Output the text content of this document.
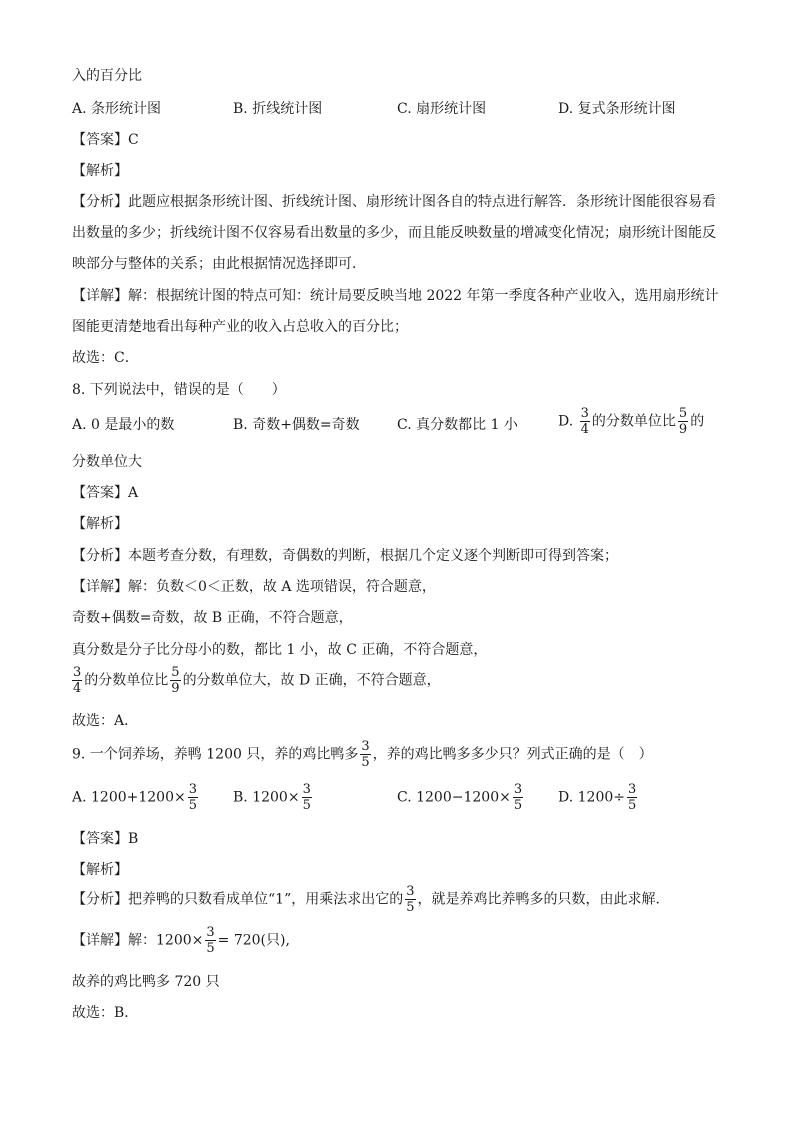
入的百分比
A. 条形统计图	B. 折线统计图	C. 扇形统计图	D. 复式条形统计图
【答案】C
【解析】
【分析】此题应根据条形统计图、折线统计图、扇形统计图各自的特点进行解答．条形统计图能很容易看
出数量的多少；折线统计图不仅容易看出数量的多少，而且能反映数量的增减变化情况；扇形统计图能反
映部分与整体的关系；由此根据情况选择即可．
【详解】解：根据统计图的特点可知：统计局要反映当地 2022 年第一季度各种产业收入，选用扇形统计
图能更清楚地看出每种产业的收入占总收入的百分比；
故选：C．
8. 下列说法中，错误的是（　　）
A. 0 是最小的数	B. 奇数+偶数=奇数	C. 真分数都比 1 小	D. $\frac{3}{4}$ 的分数单位比 $\frac{5}{9}$ 的
分数单位大
【答案】A
【解析】
【分析】本题考查分数，有理数，奇偶数的判断，根据几个定义逐个判断即可得到答案；
【详解】解：负数＜0＜正数，故 A 选项错误，符合题意，
奇数+偶数=奇数，故 B 正确，不符合题意，
真分数是分子比分母小的数，都比 1 小，故 C 正确，不符合题意，
$\frac{3}{4}$ 的分数单位比 $\frac{5}{9}$ 的分数单位大，故 D 正确，不符合题意，
故选：A．
9. 一个饲养场，养鸭 1200 只，养的鸡比鸭多 $\frac{3}{5}$ ，养的鸡比鸭多多少只？列式正确的是（　）
A. $1200+1200\times \frac{3}{5} B$. $1200\times \frac{3}{5}$	C. $1200-1200\times \frac{3}{5} D$. $1200\div \frac{3}{5}$
【答案】B
【解析】
【分析】把养鸭的只数看成单位“1”，用乘法求出它的 $\frac{3}{5}$ ，就是养鸡比养鸭多的只数，由此求解．
【详解】解：$1200\times \frac{3}{5} = 720$(只),
故养的鸡比鸭多 720 只
故选：B．
